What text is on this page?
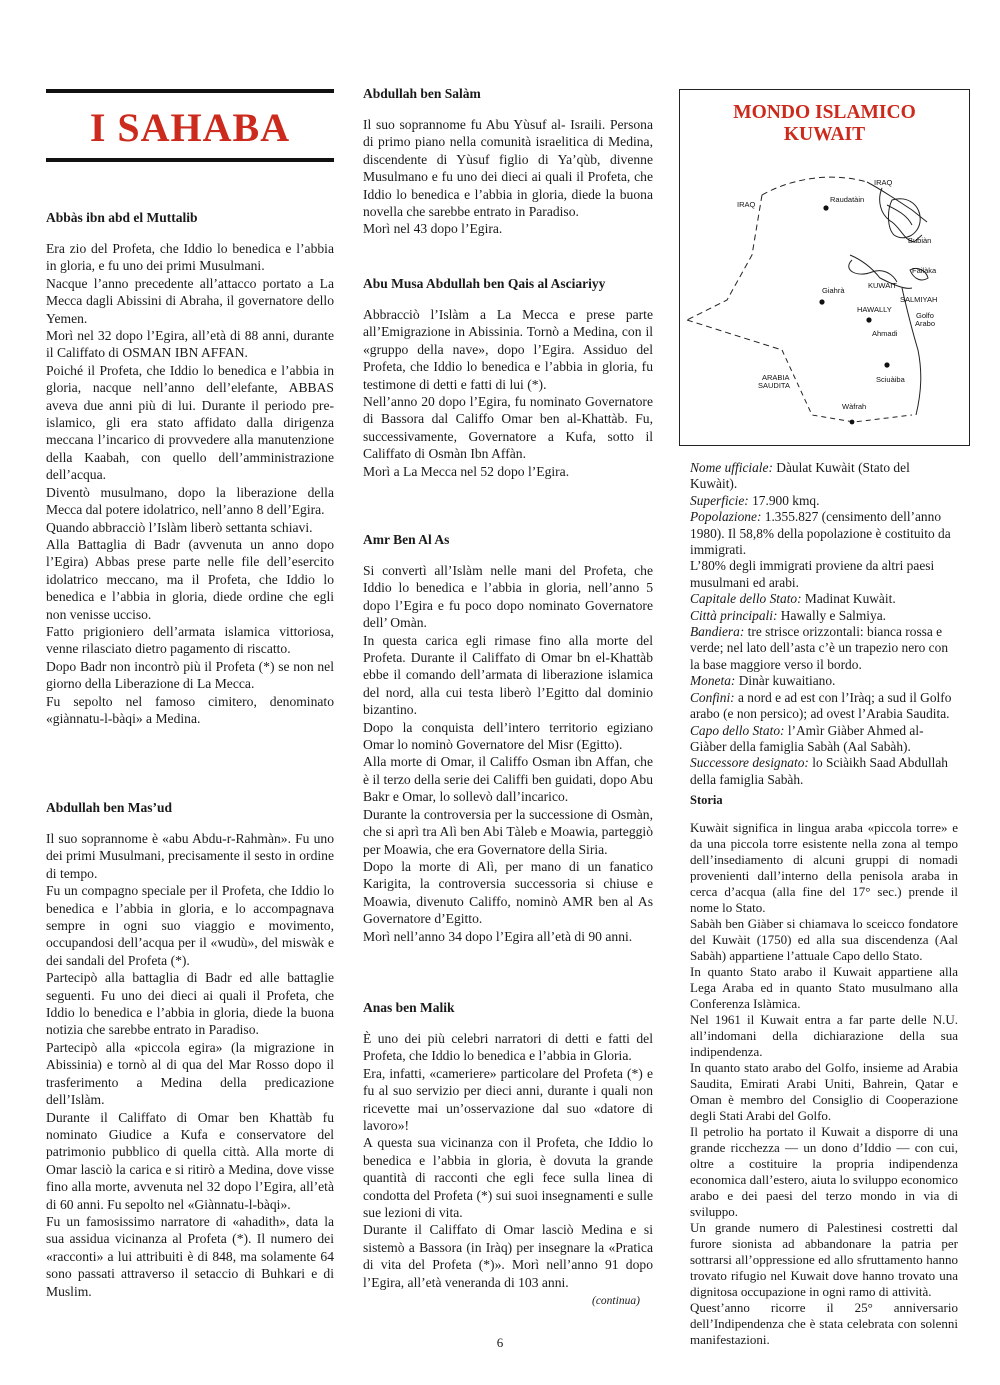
I SAHABA
Abbàs ibn abd el Muttalib

Era zio del Profeta, che Iddio lo benedica e l’abbia in gloria, e fu uno dei primi Musulmani.

Nacque l’anno precedente all’attacco portato a La Mecca dagli Abissini di Abraha, il governatore dello Yemen.

Morì nel 32 dopo l’Egira, all’età di 88 anni, durante il Califfato di OSMAN IBN AFFAN.

Poiché il Profeta, che Iddio lo benedica e l’abbia in gloria, nacque nell’anno dell’elefante, ABBAS aveva due anni più di lui. Durante il periodo pre-islamico, gli era stato affidato dalla dirigenza meccana l’incarico di provvedere alla manutenzione della Kaabah, con quello dell’amministrazione dell’acqua.

Diventò musulmano, dopo la liberazione della Mecca dal potere idolatrico, nell’anno 8 dell’Egira.

Quando abbracciò l’Islàm liberò settanta schiavi.

Alla Battaglia di Badr (avvenuta un anno dopo l’Egira) Abbas prese parte nelle file dell’esercito idolatrico meccano, ma il Profeta, che Iddio lo benedica e l’abbia in gloria, diede ordine che egli non venisse ucciso.

Fatto prigioniero dell’armata islamica vittoriosa, venne rilasciato dietro pagamento di riscatto.

Dopo Badr non incontrò più il Profeta (*) se non nel giorno della Liberazione di La Mecca.

Fu sepolto nel famoso cimitero, denominato «giànnatu-l-bàqi» a Medina.

Abdullah ben Mas’ud

Il suo soprannome è «abu Abdu-r-Rahmàn». Fu uno dei primi Musulmani, precisamente il sesto in ordine di tempo.

Fu un compagno speciale per il Profeta, che Iddio lo benedica e l’abbia in gloria, e lo accompagnava sempre in ogni suo viaggio e movimento, occupandosi dell’acqua per il «wudù», del miswàk e dei sandali del Profeta (*).

Partecipò alla battaglia di Badr ed alle battaglie seguenti. Fu uno dei dieci ai quali il Profeta, che Iddio lo benedica e l’abbia in gloria, diede la buona notizia che sarebbe entrato in Paradiso.

Partecipò alla «piccola egira» (la migrazione in Abissinia) e tornò al di qua del Mar Rosso dopo il trasferimento a Medina della predicazione dell’Islàm.

Durante il Califfato di Omar ben Khattàb fu nominato Giudice a Kufa e conservatore del patrimonio pubblico di quella città. Alla morte di Omar lasciò la carica e si ritirò a Medina, dove visse fino alla morte, avvenuta nel 32 dopo l’Egira, all’età di 60 anni. Fu sepolto nel «Giànnatu-l-bàqi».

Fu un famosissimo narratore di «ahadith», data la sua assidua vicinanza al Profeta (*). Il numero dei «racconti» a lui attribuiti è di 848, ma solamente 64 sono passati attraverso il setaccio di Buhkari e di Muslim.

Abdullah ben Salàm

Il suo soprannome fu Abu Yùsuf al- Israili. Persona di primo piano nella comunità israelitica di Medina, discendente di Yùsuf figlio di Ya’qùb, divenne Musulmano e fu uno dei dieci ai quali il Profeta, che Iddio lo benedica e l’abbia in gloria, diede la buona novella che sarebbe entrato in Paradiso.

Morì nel 43 dopo l’Egira.

Abu Musa Abdullah ben Qais al Asciariyy

Abbracciò l’Islàm a La Mecca e prese parte all’Emigrazione in Abissinia. Tornò a Medina, con il «gruppo della nave», dopo l’Egira. Assiduo del Profeta, che Iddio lo benedica e l’abbia in gloria, fu testimone di detti e fatti di lui (*).

Nell’anno 20 dopo l’Egira, fu nominato Governatore di Bassora dal Califfo Omar ben al-Khattàb. Fu, successivamente, Governatore a Kufa, sotto il Califfato di Osmàn Ibn Affàn.

Morì a La Mecca nel 52 dopo l’Egira.

Amr Ben Al As

Si convertì all’Islàm nelle mani del Profeta, che Iddio lo benedica e l’abbia in gloria, nell’anno 5 dopo l’Egira e fu poco dopo nominato Governatore dell’ Omàn.

In questa carica egli rimase fino alla morte del Profeta. Durante il Califfato di Omar bn el-Khattàb ebbe il comando dell’armata di liberazione islamica del nord, alla cui testa liberò l’Egitto dal dominio bizantino.

Dopo la conquista dell’intero territorio egiziano Omar lo nominò Governatore del Misr (Egitto).

Alla morte di Omar, il Califfo Osman ibn Affan, che è il terzo della serie dei Califfi ben guidati, dopo Abu Bakr e Omar, lo sollevò dall’incarico.

Durante la controversia per la successione di Osmàn, che si aprì tra Alì ben Abi Tàleb e Moawia, parteggiò per Moawia, che era Governatore della Siria.

Dopo la morte di Alì, per mano di un fanatico Karigita, la controversia successoria si chiuse e Moawia, divenuto Califfo, nominò AMR ben al As Governatore d’Egitto.

Morì nell’anno 34 dopo l’Egira all’età di 90 anni.

Anas ben Malik

È uno dei più celebri narratori di detti e fatti del Profeta, che Iddio lo benedica e l’abbia in Gloria.

Era, infatti, «cameriere» particolare del Profeta (*) e fu al suo servizio per dieci anni, durante i quali non ricevette mai un’osservazione dal suo «datore di lavoro»!

A questa sua vicinanza con il Profeta, che Iddio lo benedica e l’abbia in gloria, è dovuta la grande quantità di racconti che egli fece sulla linea di condotta del Profeta (*) sui suoi insegnamenti e sulle sue lezioni di vita.

Durante il Califfato di Omar lasciò Medina e si sistemò a Bassora (in Iràq) per insegnare la «Pratica di vita del Profeta (*)». Morì nell’anno 91 dopo l’Egira, all’età veneranda di 103 anni.

(continua)
MONDO ISLAMICO
KUWAIT
IRAQ
IRAQ
Raudatàin
Bubiàn
Failàka
Giahrà
KUWAIT
SALMIYAH
HAWALLY
Golfo
Arabo
Ahmadi
Sciuàiba
ARABIA
SAUDITA
Wàfrah

Nome ufficiale: Dàulat Kuwàit (Stato del Kuwàit).

Superficie: 17.900 kmq.

Popolazione: 1.355.827 (censimento dell’anno 1980). Il 58,8% della popolazione è costituito da immigrati.

L’80% degli immigrati proviene da altri paesi musulmani ed arabi.

Capitale dello Stato: Madinat Kuwàit.

Città principali: Hawally e Salmiya.

Bandiera: tre strisce orizzontali: bianca rossa e verde; nel lato dell’asta c’è un trapezio nero con la base maggiore verso il bordo.

Moneta: Dinàr kuwaitiano.

Confini: a nord e ad est con l’Iràq; a sud il Golfo arabo (e non persico); ad ovest l’Arabia Saudita.

Capo dello Stato: l’Amìr Giàber Ahmed al-Giàber della famiglia Sabàh (Aal Sabàh).

Successore designato: lo Sciàikh Saad Abdullah della famiglia Sabàh.

Storia

Kuwàit significa in lingua araba «piccola torre» e da una piccola torre esistente nella zona al tempo dell’insediamento di alcuni gruppi di nomadi provenienti dall’interno della penisola araba in cerca d’acqua (alla fine del 17° sec.) prende il nome lo Stato.

Sabàh ben Giàber si chiamava lo sceicco fondatore del Kuwàit (1750) ed alla sua discendenza (Aal Sabàh) appartiene l’attuale Capo dello Stato.

In quanto Stato arabo il Kuwait appartiene alla Lega Araba ed in quanto Stato musulmano alla Conferenza Islàmica.

Nel 1961 il Kuwait entra a far parte delle N.U. all’indomani della dichiarazione della sua indipendenza.

In quanto stato arabo del Golfo, insieme ad Arabia Saudita, Emirati Arabi Uniti, Bahrein, Qatar e Oman è membro del Consiglio di Cooperazione degli Stati Arabi del Golfo.

Il petrolio ha portato il Kuwait a disporre di una grande ricchezza — un dono d’Iddio — con cui, oltre a costituire la propria indipendenza economica dall’estero, aiuta lo sviluppo economico arabo e dei paesi del terzo mondo in via di sviluppo.

Un grande numero di Palestinesi costretti dal furore sionista ad abbandonare la patria per sottrarsi all’oppressione ed allo sfruttamento hanno trovato rifugio nel Kuwait dove hanno trovato una dignitosa occupazione in ogni ramo di attività.

Quest’anno ricorre il 25° anniversario dell’Indipendenza che è stata celebrata con solenni manifestazioni.

6
